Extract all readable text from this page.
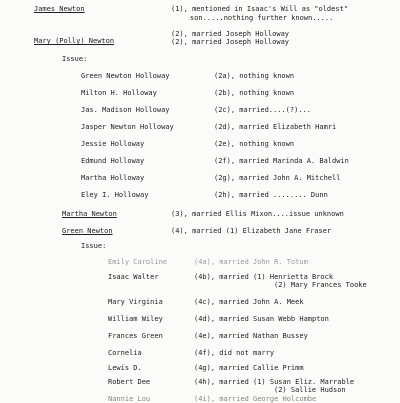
James Newton	(1), mentioned in Isaac's Will as "oldest"
son.....nothing further known.....
(2), married Joseph Holloway
Mary (Polly) Newton	(2), married Joseph Holloway
Issue:
Green Newton Holloway	(2a), nothing known
Milton H. Holloway	(2b), nothing known
Jas. Madison Holloway	(2c), married....(?)...
Jasper Newton Holloway	(2d), married Elizabeth Hamri
Jessie Holloway	(2e), nothing known
Edmund Holloway	(2f), married Marinda A. Baldwin
Martha Holloway	(2g), married John A. Mitchell
Eley I. Holloway	(2h), married ........ Dunn
Martha Newton	(3), married Ellis Mixon....issue unknown
Green Newton	(4), married (1) Elizabeth Jane Fraser
Issue:
Emily Caroline	(4a), married John R. Totum
Isaac Walter	(4b), married (1) Henrietta Brock
(2) Mary Frances Tooke
Mary Virginia	(4c), married John A. Meek
William Wiley	(4d), married Susan Webb Hampton
Frances Green	(4e), married Nathan Bussey
Cornelia	(4f), did not marry
Lewis D.	(4g), married Callie Primm
Robert Dee	(4h), married (1) Susan Eliz. Marrable
(2) Sallie Hudson
Nannie Lou	(4i), married George Holcombe
